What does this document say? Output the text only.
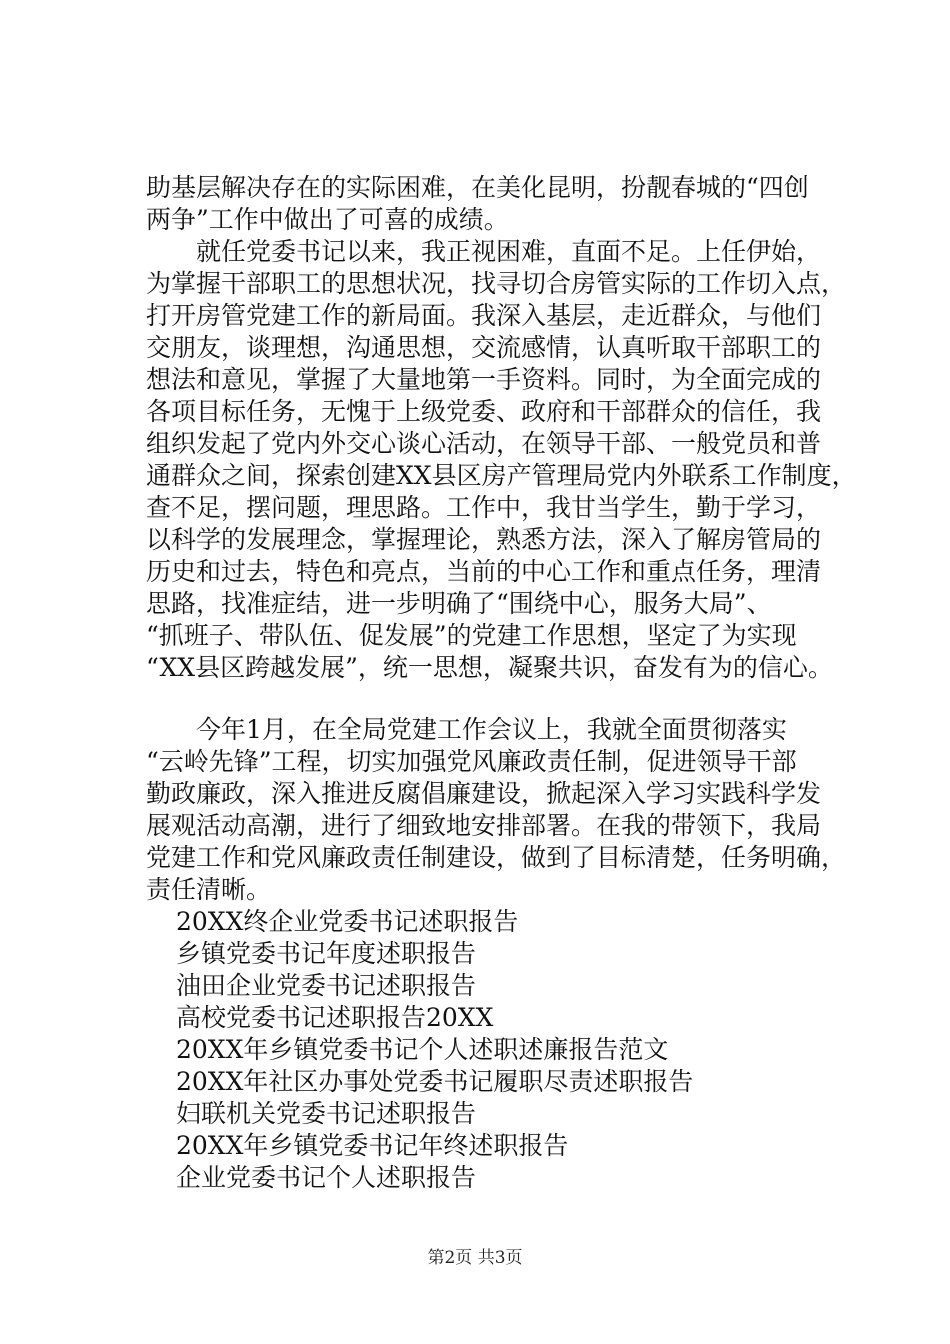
助基层解决存在的实际困难，在美化昆明，扮靓春城的“四创
两争”工作中做出了可喜的成绩。

　　就任党委书记以来，我正视困难，直面不足。上任伊始，
为掌握干部职工的思想状况，找寻切合房管实际的工作切入点，
打开房管党建工作的新局面。我深入基层，走近群众，与他们
交朋友，谈理想，沟通思想，交流感情，认真听取干部职工的
想法和意见，掌握了大量地第一手资料。同时，为全面完成的
各项目标任务，无愧于上级党委、政府和干部群众的信任，我
组织发起了党内外交心谈心活动，在领导干部、一般党员和普
通群众之间，探索创建XX县区房产管理局党内外联系工作制度，
查不足，摆问题，理思路。工作中，我甘当学生，勤于学习，
以科学的发展理念，掌握理论，熟悉方法，深入了解房管局的
历史和过去，特色和亮点，当前的中心工作和重点任务，理清
思路，找准症结，进一步明确了“围绕中心，服务大局”、
“抓班子、带队伍、促发展”的党建工作思想，坚定了为实现
“XX县区跨越发展”，统一思想，凝聚共识，奋发有为的信心。

　　今年1月，在全局党建工作会议上，我就全面贯彻落实
“云岭先锋”工程，切实加强党风廉政责任制，促进领导干部
勤政廉政，深入推进反腐倡廉建设，掀起深入学习实践科学发
展观活动高潮，进行了细致地安排部署。在我的带领下，我局
党建工作和党风廉政责任制建设，做到了目标清楚，任务明确，
责任清晰。

20XX终企业党委书记述职报告
乡镇党委书记年度述职报告
油田企业党委书记述职报告
高校党委书记述职报告20XX
20XX年乡镇党委书记个人述职述廉报告范文
20XX年社区办事处党委书记履职尽责述职报告
妇联机关党委书记述职报告
20XX年乡镇党委书记年终述职报告
企业党委书记个人述职报告
第2页 共3页
